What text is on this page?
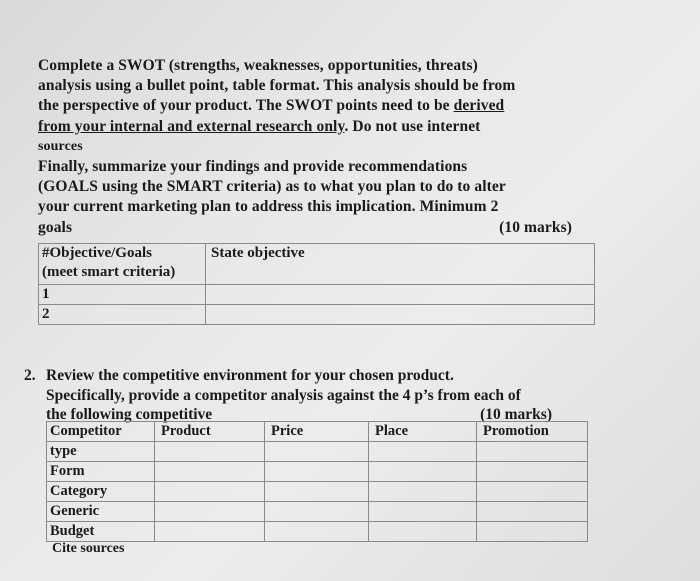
Complete a SWOT (strengths, weaknesses, opportunities, threats)

analysis using a bullet point, table format. This analysis should be from

the perspective of your product. The SWOT points need to be derived

from your internal and external research only. Do not use internet

sources

Finally, summarize your findings and provide recommendations

(GOALS using the SMART criteria) as to what you plan to do to alter

your current marketing plan to address this implication. Minimum 2

goals	(10 marks)

#Objective/Goals
(meet smart criteria)	State objective
1	
2	
2. Review the competitive environment for your chosen product.

Specifically, provide a competitor analysis against the 4 p’s from each of

the following competitive	(10 marks)

Competitor	Product	Price	Place	Promotion
type				
Form				
Category				
Generic				
Budget				
Cite sources
